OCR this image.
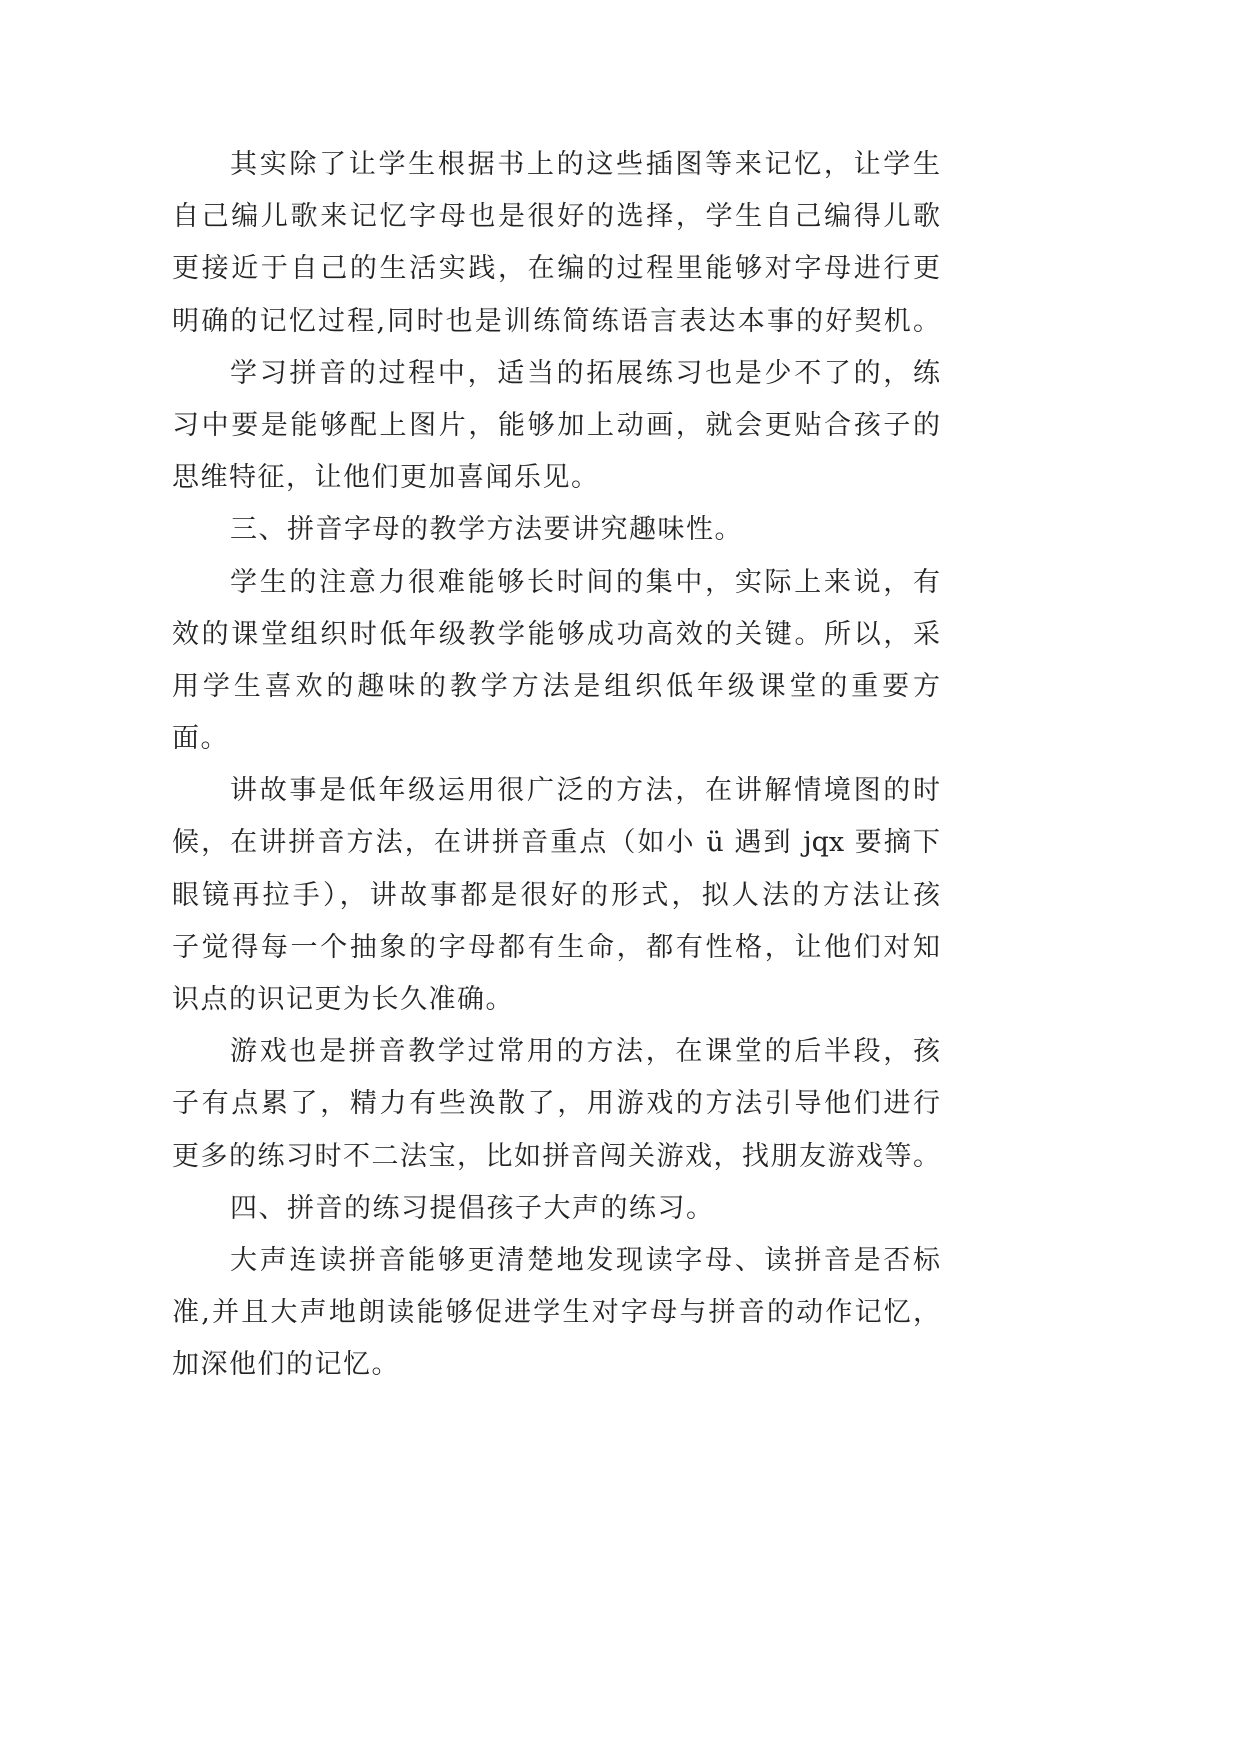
其实除了让学生根据书上的这些插图等来记忆，让学生
自己编儿歌来记忆字母也是很好的选择，学生自己编得儿歌
更接近于自己的生活实践，在编的过程里能够对字母进行更
明确的记忆过程,同时也是训练简练语言表达本事的好契机。
学习拼音的过程中，适当的拓展练习也是少不了的，练
习中要是能够配上图片，能够加上动画，就会更贴合孩子的
思维特征，让他们更加喜闻乐见。
三、拼音字母的教学方法要讲究趣味性。
学生的注意力很难能够长时间的集中，实际上来说，有
效的课堂组织时低年级教学能够成功高效的关键。所以，采
用学生喜欢的趣味的教学方法是组织低年级课堂的重要方
面。
讲故事是低年级运用很广泛的方法，在讲解情境图的时
候，在讲拼音方法，在讲拼音重点（如小 ü 遇到 jqx 要摘下
眼镜再拉手），讲故事都是很好的形式，拟人法的方法让孩
子觉得每一个抽象的字母都有生命，都有性格，让他们对知
识点的识记更为长久准确。
游戏也是拼音教学过常用的方法，在课堂的后半段，孩
子有点累了，精力有些涣散了，用游戏的方法引导他们进行
更多的练习时不二法宝，比如拼音闯关游戏，找朋友游戏等。
四、拼音的练习提倡孩子大声的练习。
大声连读拼音能够更清楚地发现读字母、读拼音是否标
准,并且大声地朗读能够促进学生对字母与拼音的动作记忆，
加深他们的记忆。
